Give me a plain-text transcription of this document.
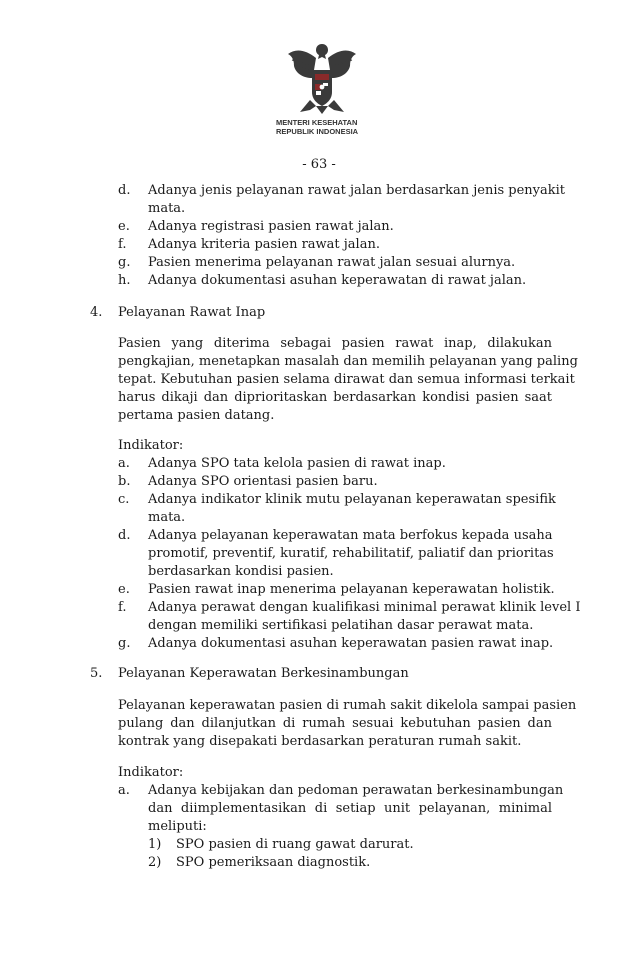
MENTERI KESEHATAN
REPUBLIK INDONESIA
- 63 -
d. Adanya jenis pelayanan rawat jalan berdasarkan jenis penyakit
mata.
e. Adanya registrasi pasien rawat jalan.
f. Adanya kriteria pasien rawat jalan.
g. Pasien menerima pelayanan rawat jalan sesuai alurnya.
h. Adanya dokumentasi asuhan keperawatan di rawat jalan.
4. Pelayanan Rawat Inap
Pasien yang diterima sebagai pasien rawat inap, dilakukan
pengkajian, menetapkan masalah dan memilih pelayanan yang paling
tepat. Kebutuhan pasien selama dirawat dan semua informasi terkait
harus dikaji dan diprioritaskan berdasarkan kondisi pasien saat
pertama pasien datang.
Indikator:
a. Adanya SPO tata kelola pasien di rawat inap.
b. Adanya SPO orientasi pasien baru.
c. Adanya indikator klinik mutu pelayanan keperawatan spesifik
mata.
d. Adanya pelayanan keperawatan mata berfokus kepada usaha
promotif, preventif, kuratif, rehabilitatif, paliatif dan prioritas
berdasarkan kondisi pasien.
e. Pasien rawat inap menerima pelayanan keperawatan holistik.
f. Adanya perawat dengan kualifikasi minimal perawat klinik level I
dengan memiliki sertifikasi pelatihan dasar perawat mata.
g. Adanya dokumentasi asuhan keperawatan pasien rawat inap.
5. Pelayanan Keperawatan Berkesinambungan
Pelayanan keperawatan pasien di rumah sakit dikelola sampai pasien
pulang dan dilanjutkan di rumah sesuai kebutuhan pasien dan
kontrak yang disepakati berdasarkan peraturan rumah sakit.
Indikator:
a. Adanya kebijakan dan pedoman perawatan berkesinambungan
dan diimplementasikan di setiap unit pelayanan, minimal
meliputi:
1) SPO pasien di ruang gawat darurat.
2) SPO pemeriksaan diagnostik.
